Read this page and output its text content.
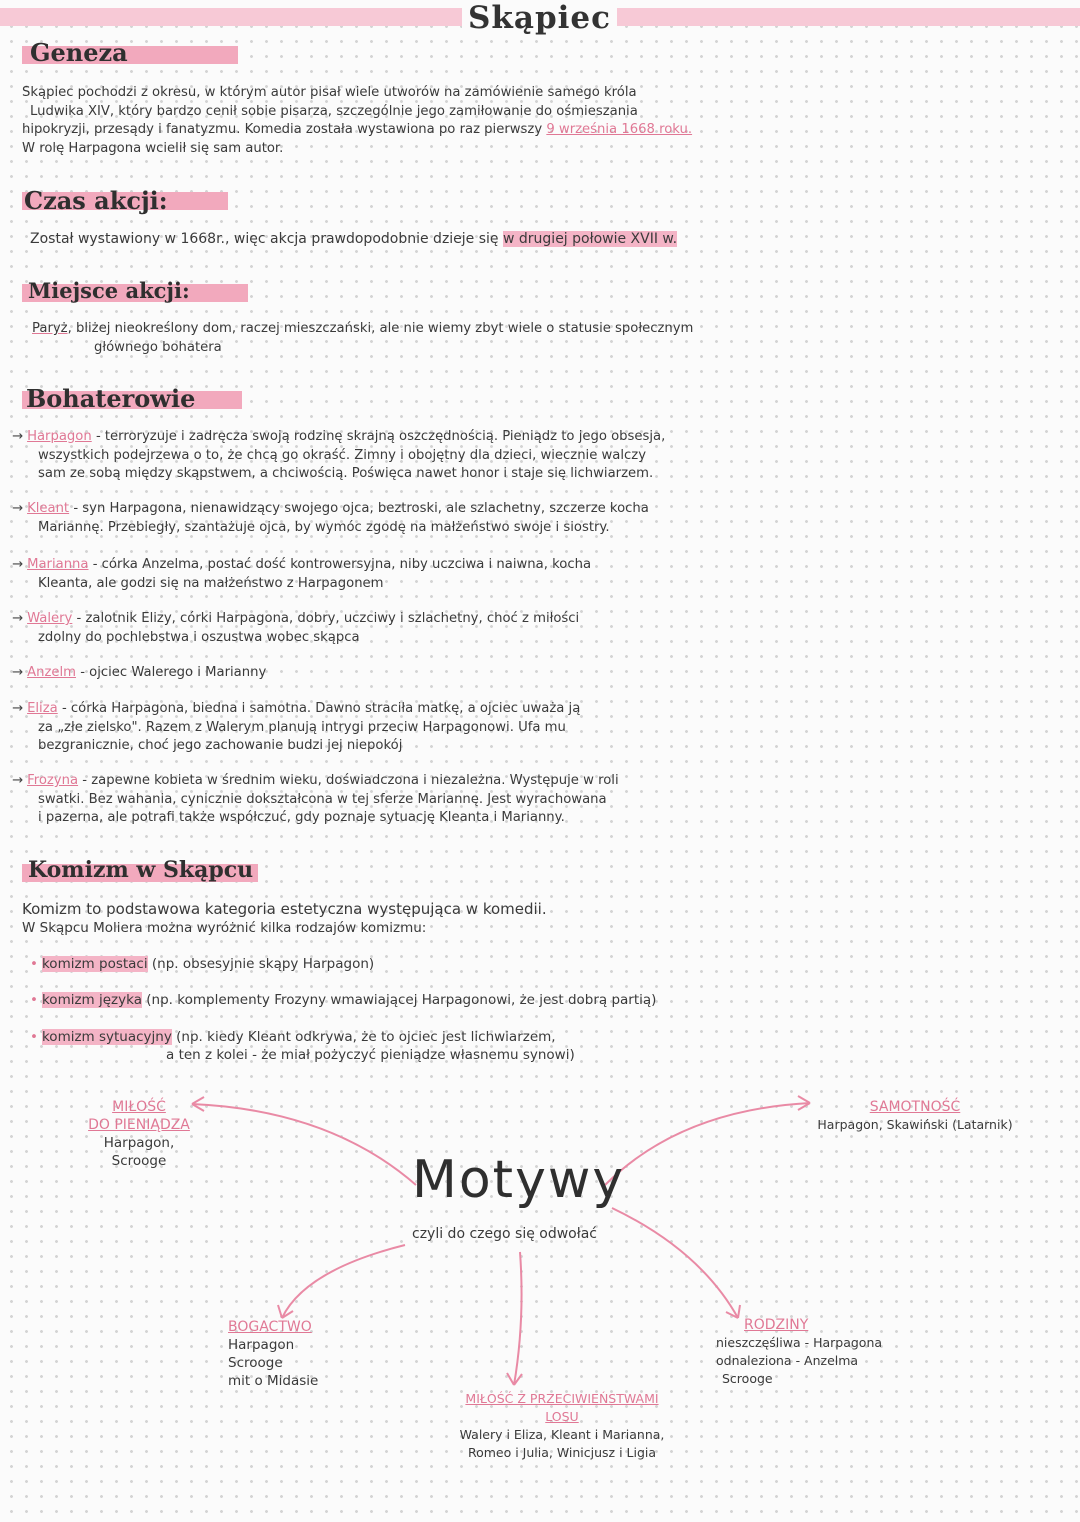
Skąpiec
Geneza
Skąpiec pochodzi z okresu, w którym autor pisał wiele utworów na zamówienie samego króla
Ludwika XIV, który bardzo cenił sobie pisarza, szczególnie jego zamiłowanie do ośmieszania
hipokryzji, przesądy i fanatyzmu. Komedia została wystawiona po raz pierwszy 9 września 1668 roku.
W rolę Harpagona wcielił się sam autor.
Czas akcji:
Został wystawiony w 1668r., więc akcja prawdopodobnie dzieje się w drugiej połowie XVII w.
Miejsce akcji:
Paryż, bliżej nieokreślony dom, raczej mieszczański, ale nie wiemy zbyt wiele o statusie społecznym
głównego bohatera
Bohaterowie
→ Harpagon - terroryzuje i zadręcza swoją rodzinę skrajną oszczędnością. Pieniądz to jego obsesja,
wszystkich podejrzewa o to, że chcą go okraść. Zimny i obojętny dla dzieci, wiecznie walczy
sam ze sobą między skąpstwem, a chciwością. Poświęca nawet honor i staje się lichwiarzem.
→ Kleant - syn Harpagona, nienawidzący swojego ojca, beztroski, ale szlachetny, szczerze kocha
Mariannę. Przebiegły, szantażuje ojca, by wymóc zgodę na małżeństwo swoje i siostry.
→ Marianna - córka Anzelma, postać dość kontrowersyjna, niby uczciwa i naiwna, kocha
Kleanta, ale godzi się na małżeństwo z Harpagonem
→ Walery - zalotnik Elizy, córki Harpagona, dobry, uczciwy i szlachetny, choć z miłości
zdolny do pochlebstwa i oszustwa wobec skąpca
→ Anzelm - ojciec Walerego i Marianny
→ Eliza - córka Harpagona, biedna i samotna. Dawno straciła matkę, a ojciec uważa ją
za „złe zielsko". Razem z Walerym planują intrygi przeciw Harpagonowi. Ufa mu
bezgranicznie, choć jego zachowanie budzi jej niepokój
→ Frozyna - zapewne kobieta w średnim wieku, doświadczona i niezależna. Występuje w roli
swatki. Bez wahania, cynicznie dokształcona w tej sferze Mariannę. Jest wyrachowana
i pazerna, ale potrafi także współczuć, gdy poznaje sytuację Kleanta i Marianny.
Komizm w Skąpcu
Komizm to podstawowa kategoria estetyczna występująca w komedii.
W Skąpcu Moliera można wyróżnić kilka rodzajów komizmu:
• komizm postaci (np. obsesyjnie skąpy Harpagon)
• komizm języka (np. komplementy Frozyny wmawiającej Harpagonowi, że jest dobrą partią)
• komizm sytuacyjny (np. kiedy Kleant odkrywa, że to ojciec jest lichwiarzem,
a ten z kolei - że miał pożyczyć pieniądze własnemu synowi)
Motywy
czyli do czego się odwołać
MIŁOŚĆ
DO PIENIĄDZA
Harpagon,
Scrooge
SAMOTNOŚĆ
Harpagon, Skawiński (Latarnik)
BOGACTWO
Harpagon
Scrooge
mit o Midasie
RODZINY
nieszczęśliwa - Harpagona
odnaleziona - Anzelma
Scrooge
MIŁOŚĆ Z PRZECIWIEŃSTWAMI
LOSU
Walery i Eliza, Kleant i Marianna,
Romeo i Julia, Winicjusz i Ligia
